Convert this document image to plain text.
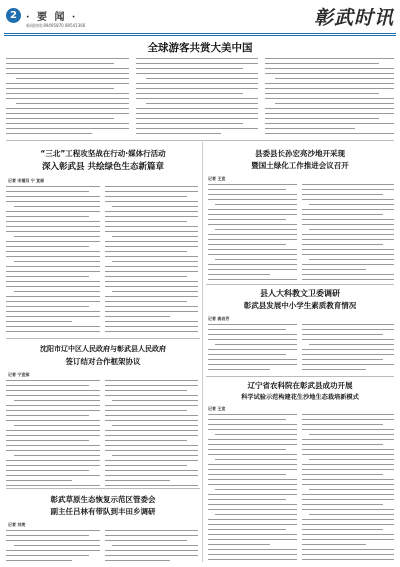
2 · 要 闻 ·
新闻热线:89495870 89541366	彰武时讯
全球游客共赏大美中国
“三北”工程攻坚战在行动·媒体行活动
深入彰武县 共绘绿色生态新篇章
记者 宋福双 宁 宣部
县委县长孙宏亮沙地开采现
暨国土绿化工作推进会议召开
记者 王宣
县人大科教文卫委调研
彰武县发展中小学生素质教育情况
记者 高岩芳
沈阳市辽中区人民政府与彰武县人民政府
签订结对合作框架协议
记者 宁宣部
辽宁省农科院在彰武县成功开展
科学试验示范构建花生沙地生态栽培新模式
记者 王宣
彰武草原生态恢复示范区管委会
副主任吕林有带队到丰田乡调研
记者 刘亮
